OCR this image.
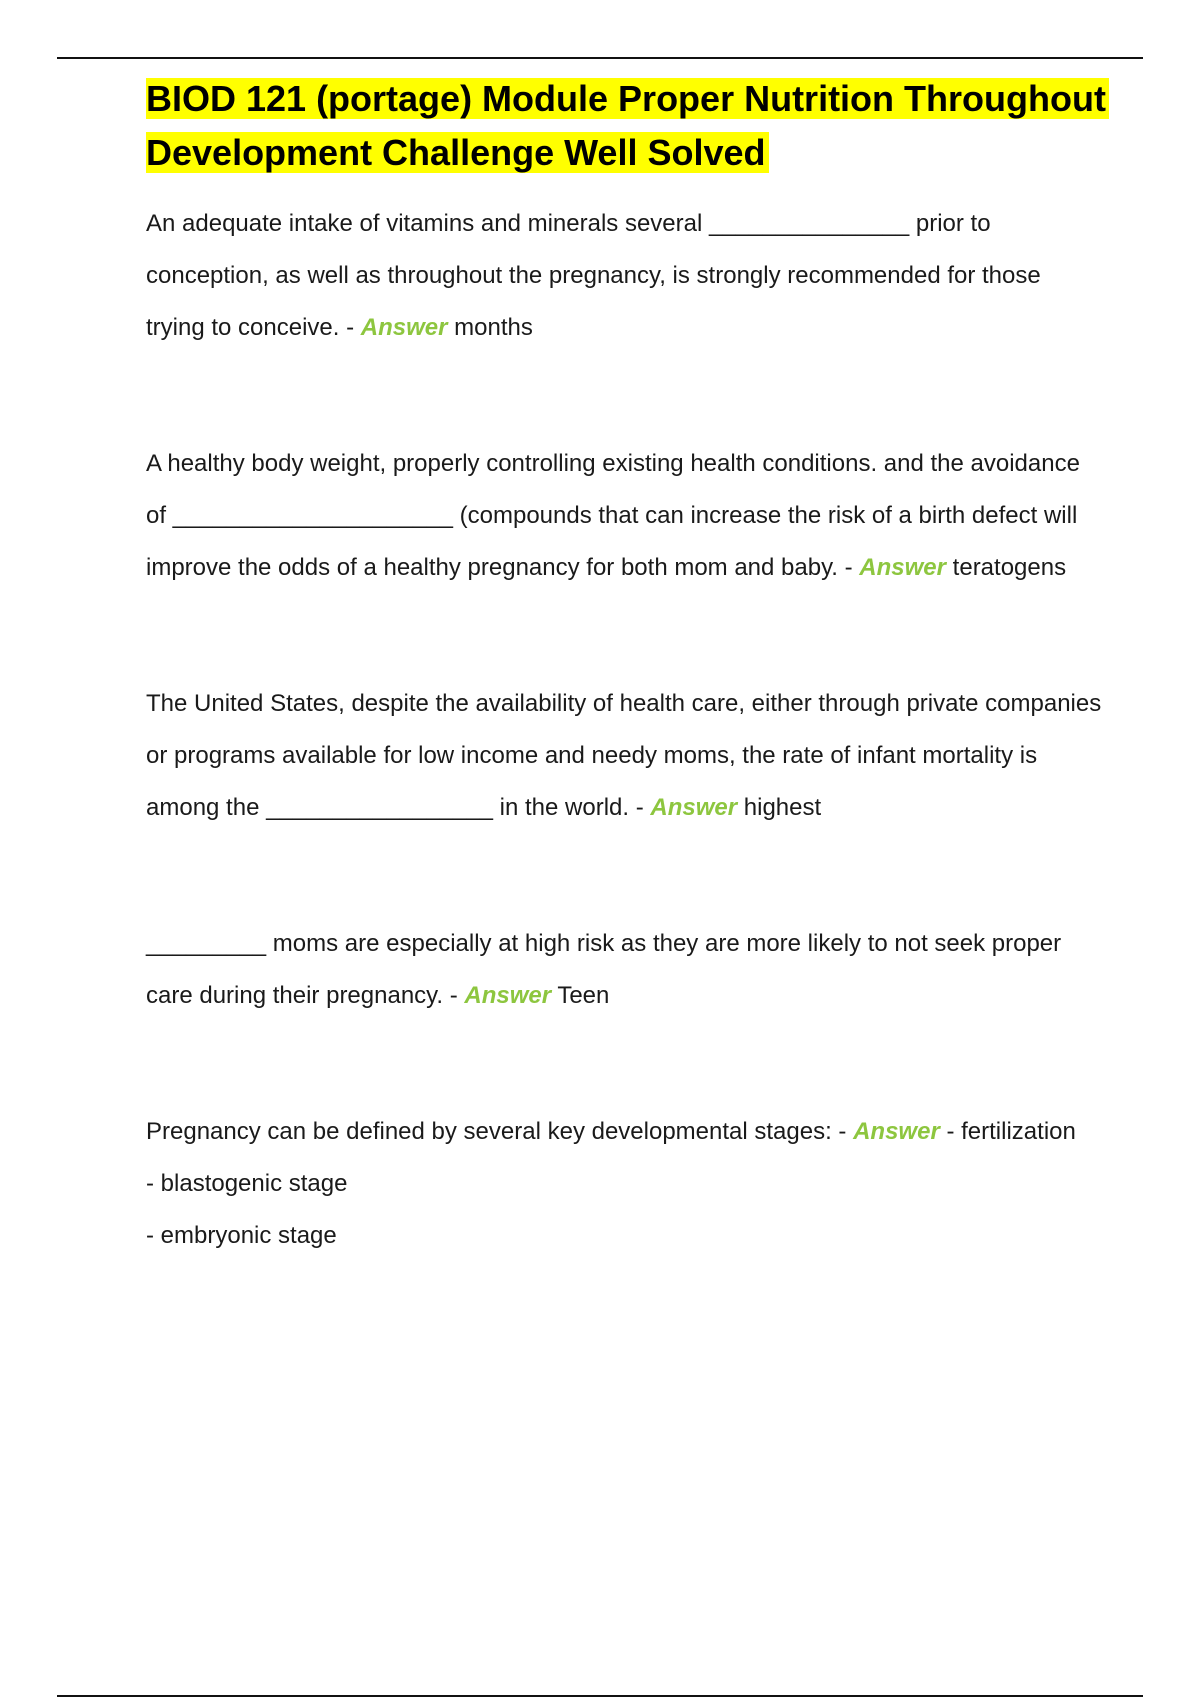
BIOD 121 (portage) Module Proper Nutrition Throughout Development Challenge Well Solved

An adequate intake of vitamins and minerals several _______________ prior to conception, as well as throughout the pregnancy, is strongly recommended for those trying to conceive. - Answer months

A healthy body weight, properly controlling existing health conditions. and the avoidance of _____________________ (compounds that can increase the risk of a birth defect will improve the odds of a healthy pregnancy for both mom and baby. - Answer teratogens

The United States, despite the availability of health care, either through private companies or programs available for low income and needy moms, the rate of infant mortality is among the _________________ in the world. - Answer highest

_________ moms are especially at high risk as they are more likely to not seek proper care during their pregnancy. - Answer Teen

Pregnancy can be defined by several key developmental stages: - Answer - fertilization

- blastogenic stage

- embryonic stage
